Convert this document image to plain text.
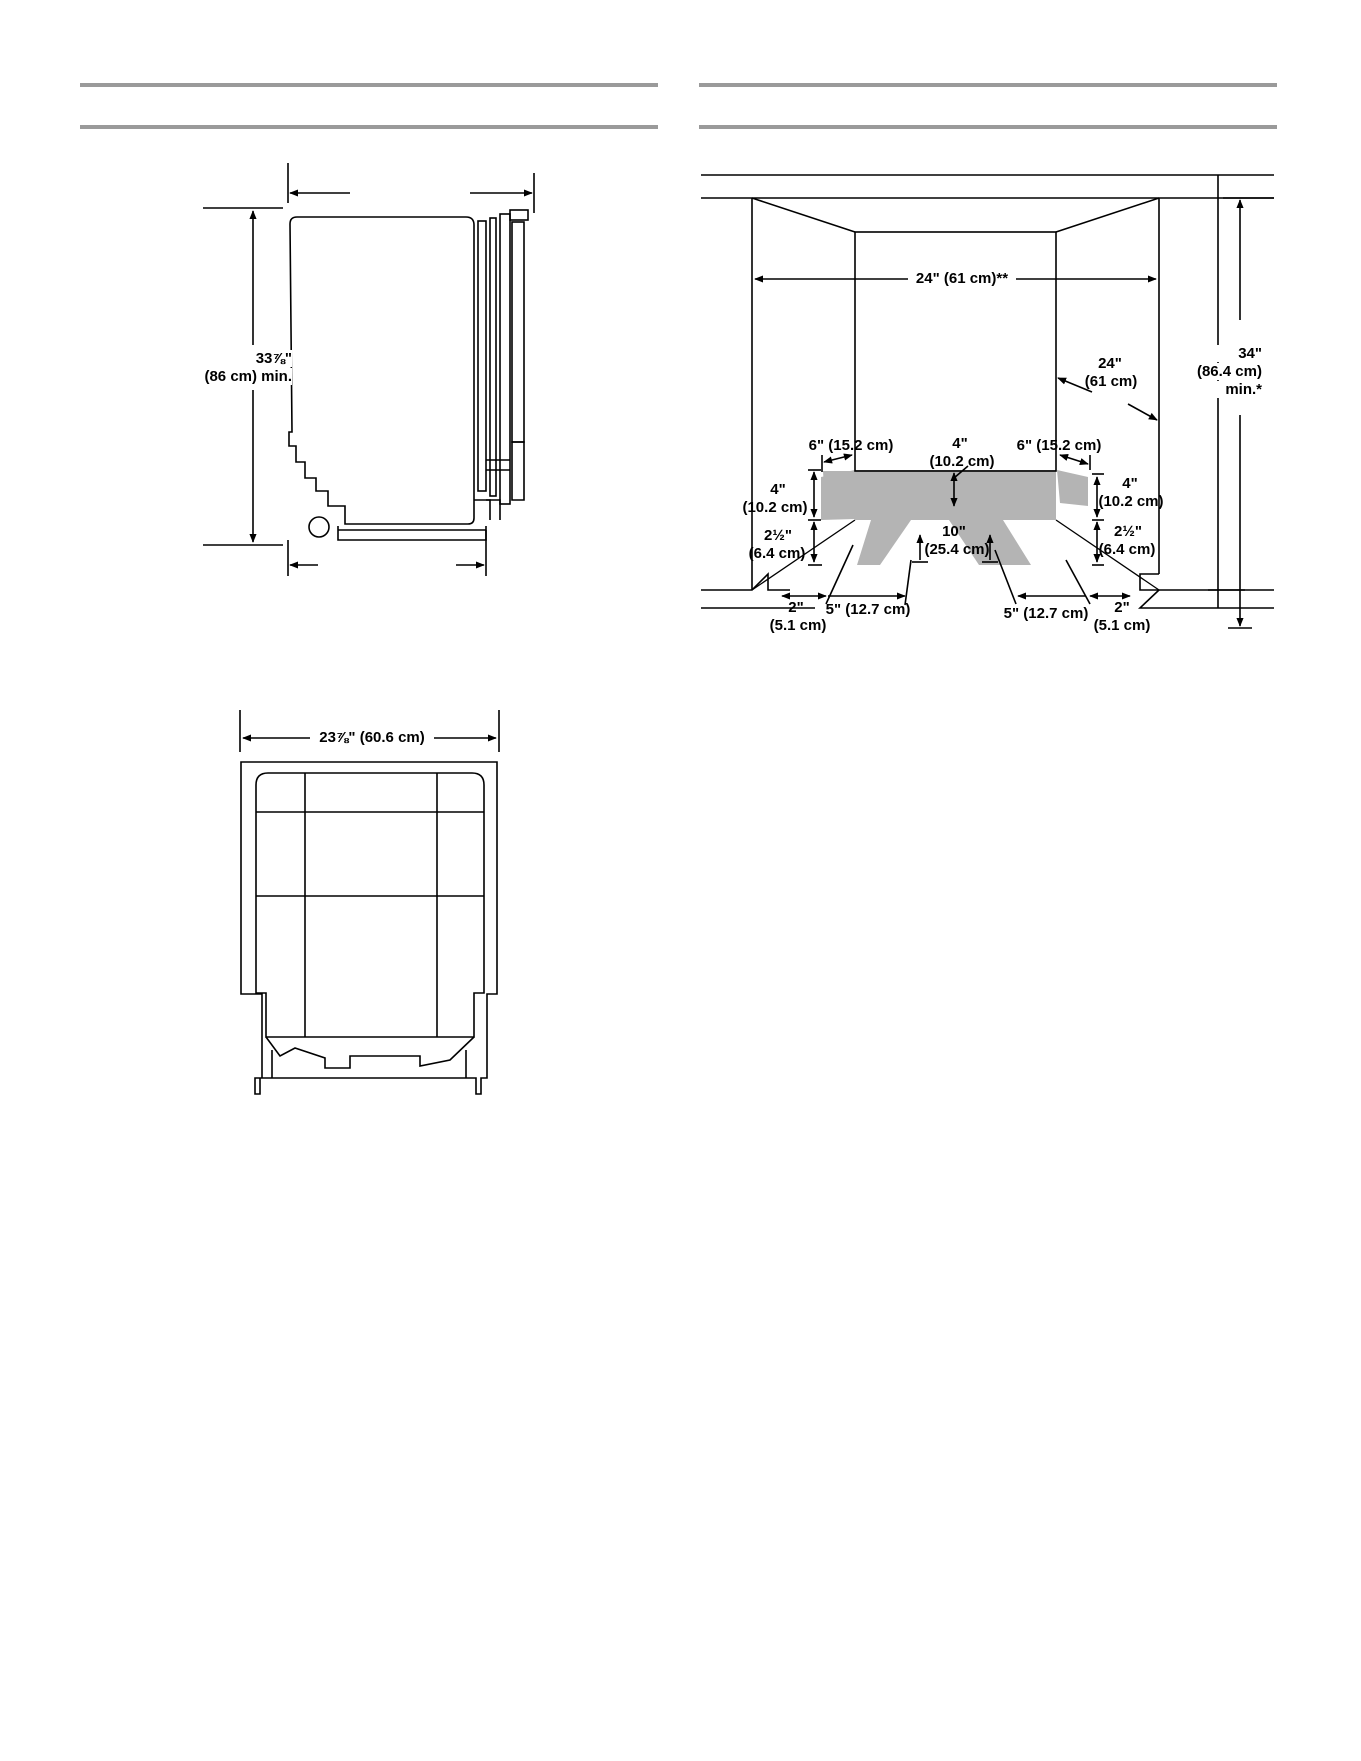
33⅞"
(86 cm) min.
23⅞" (60.6 cm)
24" (61 cm)**
24"
(61 cm)
34"
(86.4 cm)
min.*
6" (15.2 cm)	6" (15.2 cm)
4"
(10.2 cm)
4"
(10.2 cm)
4"
(10.2 cm)
2½"
(6.4 cm)
2½"
(6.4 cm)
10"
(25.4 cm)
2"
(5.1 cm)
2"
(5.1 cm)
5" (12.7 cm)	5" (12.7 cm)
